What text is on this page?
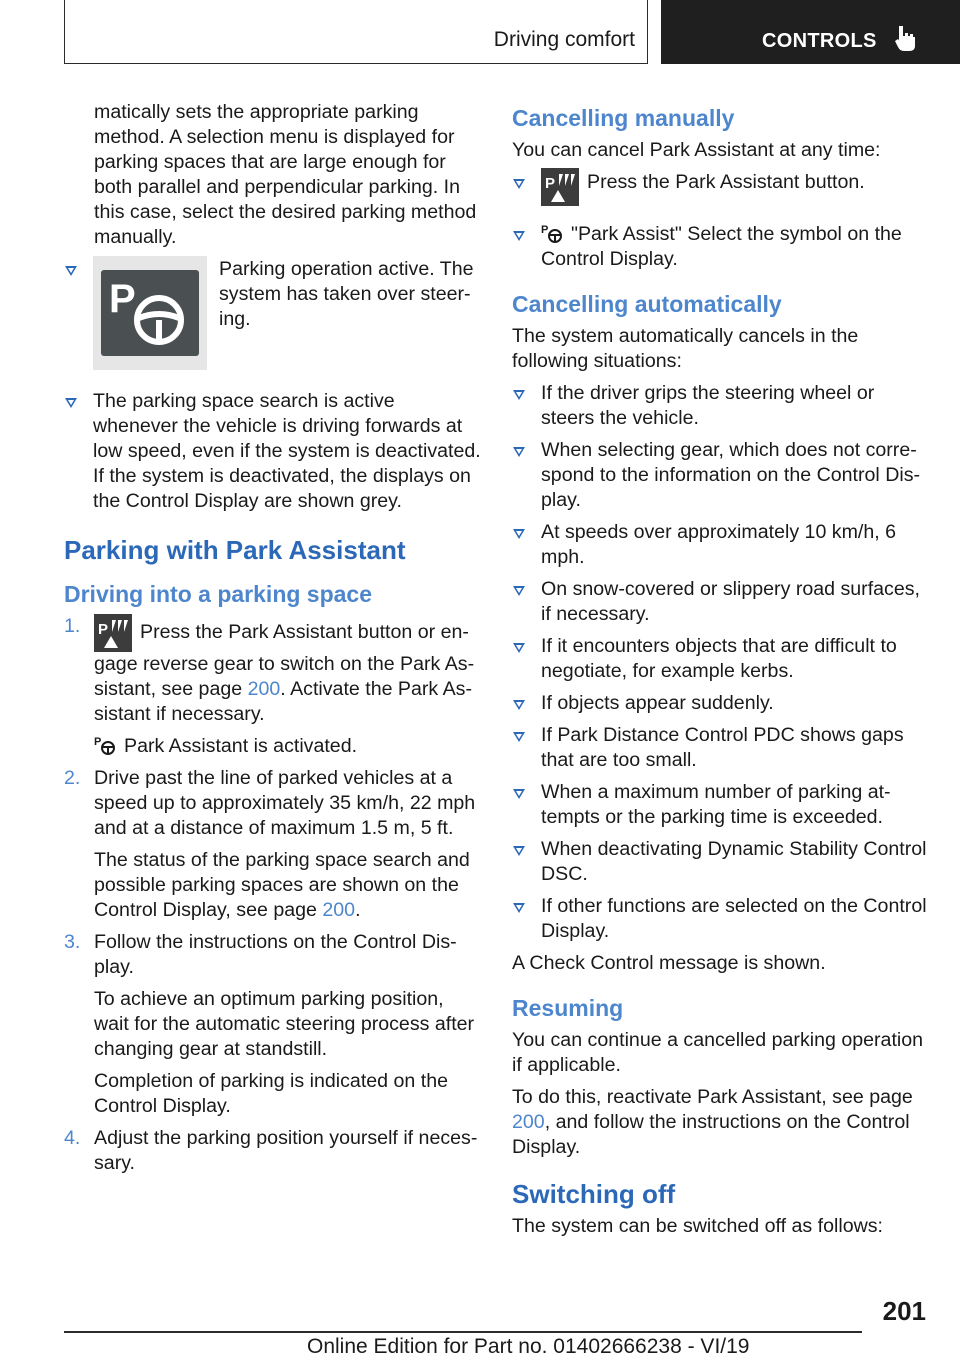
Driving comfort	CONTROLS

matically sets the appropriate parking method. A selection menu is displayed for parking spaces that are large enough for both parallel and perpendicular parking. In this case, select the desired parking method manually.

P
Parking operation active. The system has taken over steering.
The parking space search is active whenever the vehicle is driving forwards at low speed, even if the system is deactivated. If the system is deactivated, the displays on the Control Display are shown grey.
Parking with Park Assistant
Driving into a parking space
1. P Press the Park Assistant button or engage reverse gear to switch on the Park Assistant, see page 200. Activate the Park Assistant if necessary.

P Park Assistant is activated.

2. Drive past the line of parked vehicles at a speed up to approximately 35 km/h, 22 mph and at a distance of maximum 1.5 m, 5 ft.

The status of the parking space search and possible parking spaces are shown on the Control Display, see page 200.

3. Follow the instructions on the Control Display.

To achieve an optimum parking position, wait for the automatic steering process after changing gear at standstill.

Completion of parking is indicated on the Control Display.

4. Adjust the parking position yourself if necessary.

Cancelling manually

You can cancel Park Assistant at any time:

P Press the Park Assistant button.
P "Park Assist" Select the symbol on the Control Display.
Cancelling automatically

The system automatically cancels in the following situations:

If the driver grips the steering wheel or steers the vehicle.
When selecting gear, which does not correspond to the information on the Control Display.
At speeds over approximately 10 km/h, 6 mph.
On snow-covered or slippery road surfaces, if necessary.
If it encounters objects that are difficult to negotiate, for example kerbs.
If objects appear suddenly.
If Park Distance Control PDC shows gaps that are too small.
When a maximum number of parking attempts or the parking time is exceeded.
When deactivating Dynamic Stability Control DSC.
If other functions are selected on the Control Display.

A Check Control message is shown.

Resuming

You can continue a cancelled parking operation if applicable.

To do this, reactivate Park Assistant, see page 200, and follow the instructions on the Control Display.

Switching off

The system can be switched off as follows:

201
Online Edition for Part no. 01402666238 - VI/19
